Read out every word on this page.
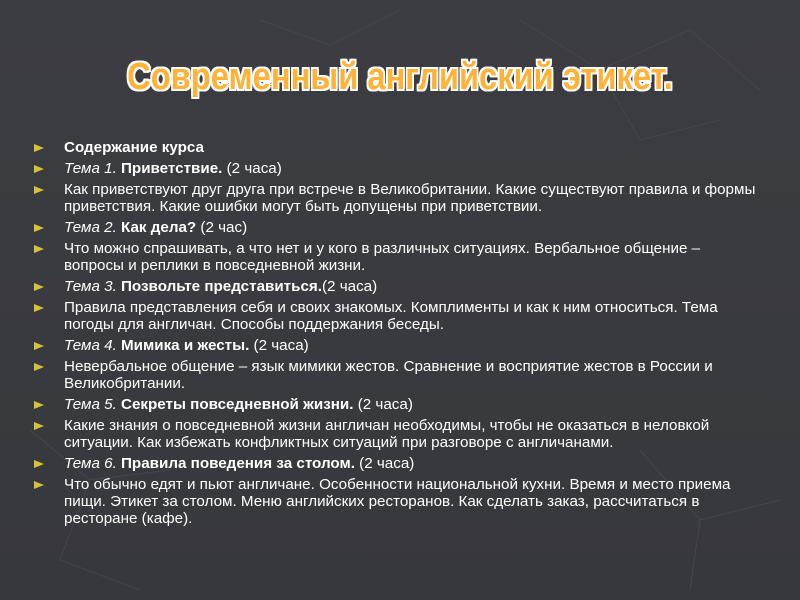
Современный английский этикет.
Содержание курса
Тема 1. Приветствие. (2 часа)
Как приветствуют друг друга при встрече в Великобритании. Какие существуют правила и формы приветствия. Какие ошибки могут быть допущены при приветствии.
Тема 2. Как дела? (2 час)
Что можно спрашивать, а что нет и у кого в различных ситуациях. Вербальное общение – вопросы и реплики в повседневной жизни.
Тема 3. Позвольте представиться.(2 часа)
Правила представления себя и своих знакомых. Комплименты и как к ним относиться. Тема погоды для англичан. Способы поддержания беседы.
Тема 4. Мимика и жесты. (2 часа)
Невербальное общение – язык мимики жестов. Сравнение и восприятие жестов в России и Великобритании.
Тема 5. Секреты повседневной жизни. (2 часа)
Какие знания о повседневной жизни англичан необходимы, чтобы не оказаться в неловкой ситуации. Как избежать конфликтных ситуаций при разговоре с англичанами.
Тема 6. Правила поведения за столом. (2 часа)
Что обычно едят и пьют англичане. Особенности национальной кухни. Время и место приема пищи. Этикет за столом. Меню английских ресторанов. Как сделать заказ, рассчитаться в ресторане (кафе).
